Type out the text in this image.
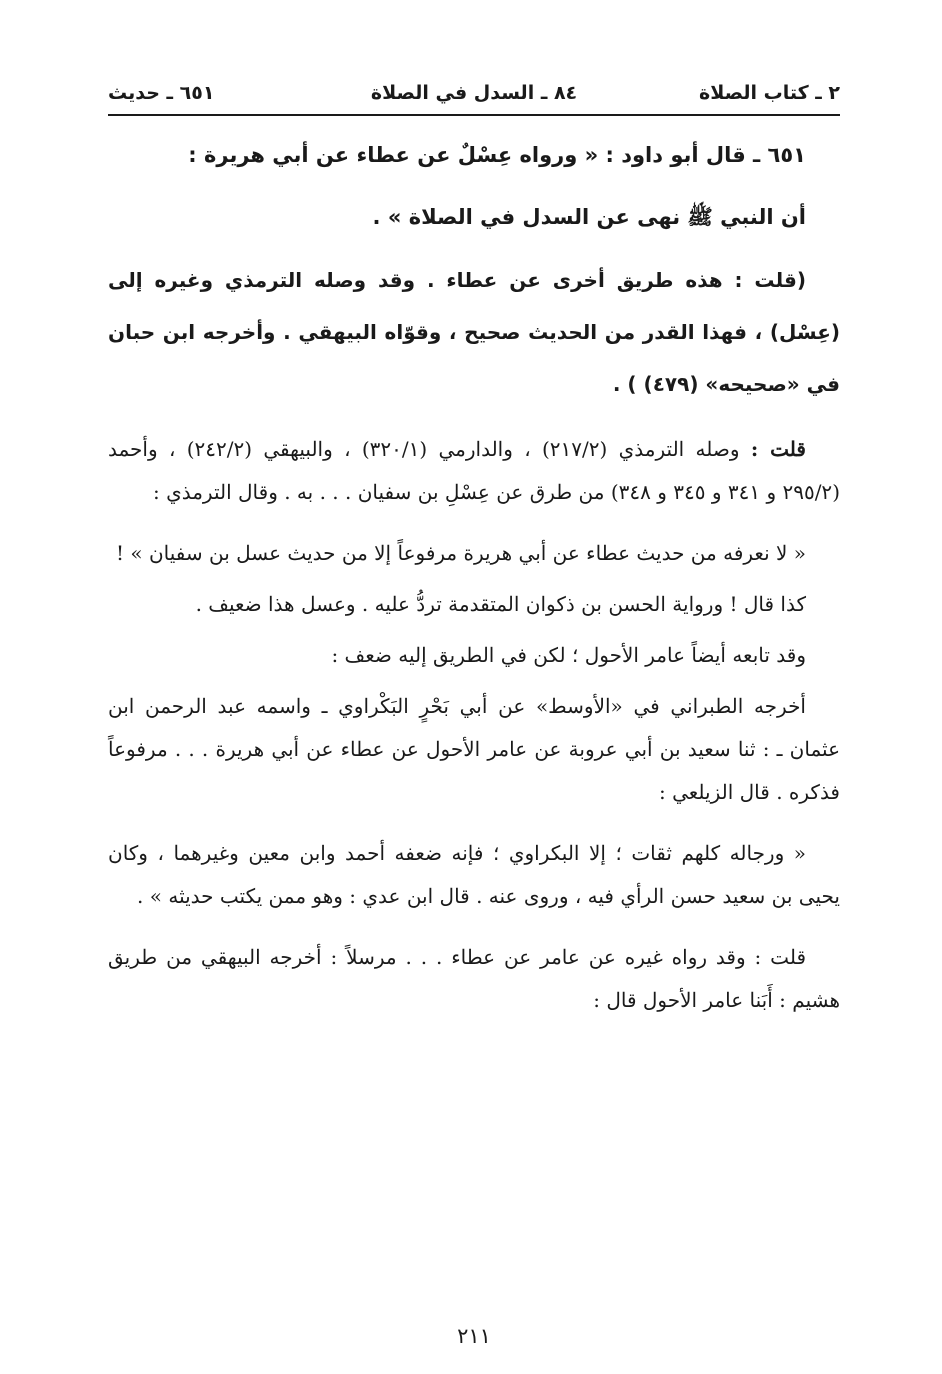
٢ ـ كتاب الصلاة
٨٤ ـ السدل في الصلاة
٦٥١ ـ حديث

٦٥١ ـ قال أبو داود : « ورواه عِسْلٌ عن عطاء عن أبي هريرة :

أن النبي ﷺ نهى عن السدل في الصلاة » .

(قلت : هذه طريق أخرى عن عطاء . وقد وصله الترمذي وغيره إلى (عِسْل) ، فهذا القدر من الحديث صحيح ، وقوّاه البيهقي . وأخرجه ابن حبان في «صحيحه» (٤٧٩) ) .

قلت : وصله الترمذي (٢١٧/٢) ، والدارمي (٣٢٠/١) ، والبيهقي (٢٤٢/٢) ، وأحمد (٢٩٥/٢ و ٣٤١ و ٣٤٥ و ٣٤٨) من طرق عن عِسْلِ بن سفيان . . . به . وقال الترمذي :

« لا نعرفه من حديث عطاء عن أبي هريرة مرفوعاً إلا من حديث عسل بن سفيان » !

كذا قال ! ورواية الحسن بن ذكوان المتقدمة تردُّ عليه . وعسل هذا ضعيف .

وقد تابعه أيضاً عامر الأحول ؛ لكن في الطريق إليه ضعف :

أخرجه الطبراني في «الأوسط» عن أبي بَحْرٍ البَكْراوي ـ واسمه عبد الرحمن ابن عثمان ـ : ثنا سعيد بن أبي عروبة عن عامر الأحول عن عطاء عن أبي هريرة . . . مرفوعاً فذكره . قال الزيلعي :

« ورجاله كلهم ثقات ؛ إلا البكراوي ؛ فإنه ضعفه أحمد وابن معين وغيرهما ، وكان يحيى بن سعيد حسن الرأي فيه ، وروى عنه . قال ابن عدي : وهو ممن يكتب حديثه » .

قلت : وقد رواه غيره عن عامر عن عطاء . . . مرسلاً : أخرجه البيهقي من طريق هشيم : أَبَنا عامر الأحول قال :

٢١١
